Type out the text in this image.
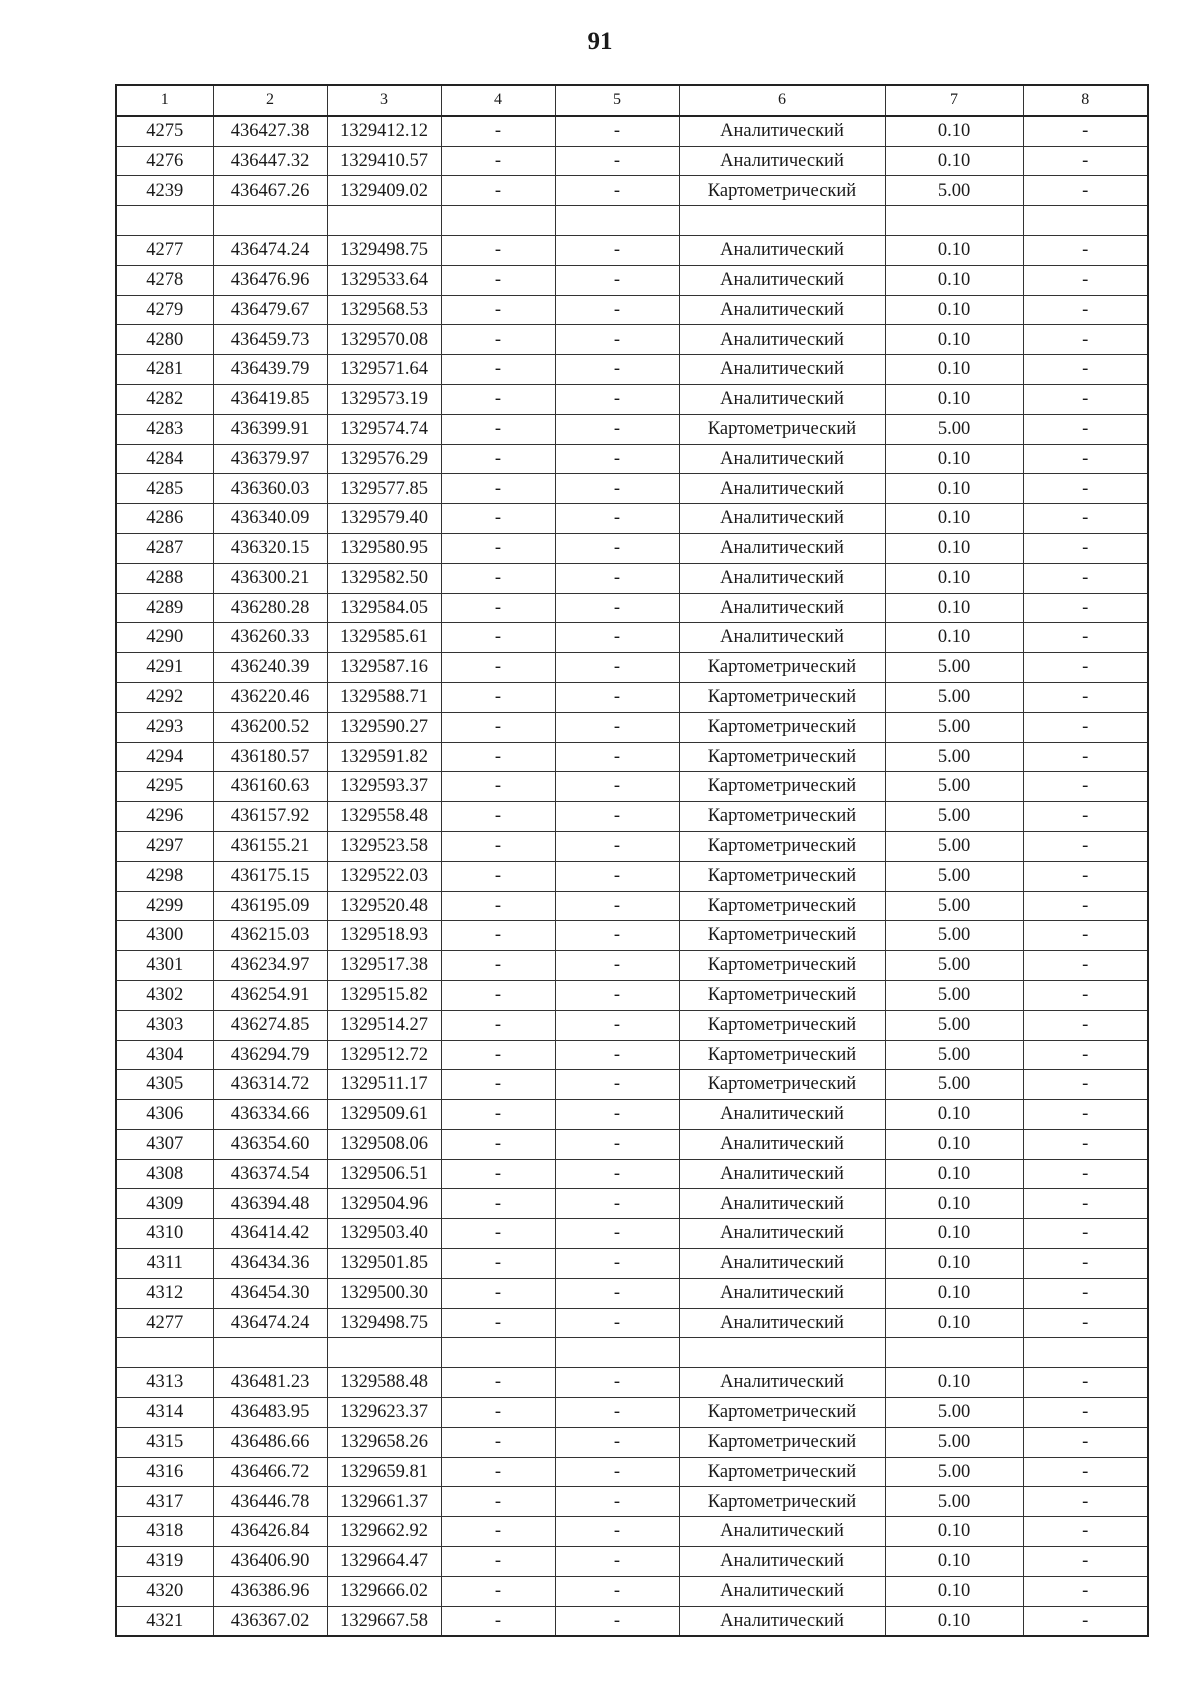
91
1	2	3	4	5	6	7	8
4275	436427.38	1329412.12	-	-	Аналитический	0.10	-
4276	436447.32	1329410.57	-	-	Аналитический	0.10	-
4239	436467.26	1329409.02	-	-	Картометрический	5.00	-

4277	436474.24	1329498.75	-	-	Аналитический	0.10	-
4278	436476.96	1329533.64	-	-	Аналитический	0.10	-
4279	436479.67	1329568.53	-	-	Аналитический	0.10	-
4280	436459.73	1329570.08	-	-	Аналитический	0.10	-
4281	436439.79	1329571.64	-	-	Аналитический	0.10	-
4282	436419.85	1329573.19	-	-	Аналитический	0.10	-
4283	436399.91	1329574.74	-	-	Картометрический	5.00	-
4284	436379.97	1329576.29	-	-	Аналитический	0.10	-
4285	436360.03	1329577.85	-	-	Аналитический	0.10	-
4286	436340.09	1329579.40	-	-	Аналитический	0.10	-
4287	436320.15	1329580.95	-	-	Аналитический	0.10	-
4288	436300.21	1329582.50	-	-	Аналитический	0.10	-
4289	436280.28	1329584.05	-	-	Аналитический	0.10	-
4290	436260.33	1329585.61	-	-	Аналитический	0.10	-
4291	436240.39	1329587.16	-	-	Картометрический	5.00	-
4292	436220.46	1329588.71	-	-	Картометрический	5.00	-
4293	436200.52	1329590.27	-	-	Картометрический	5.00	-
4294	436180.57	1329591.82	-	-	Картометрический	5.00	-
4295	436160.63	1329593.37	-	-	Картометрический	5.00	-
4296	436157.92	1329558.48	-	-	Картометрический	5.00	-
4297	436155.21	1329523.58	-	-	Картометрический	5.00	-
4298	436175.15	1329522.03	-	-	Картометрический	5.00	-
4299	436195.09	1329520.48	-	-	Картометрический	5.00	-
4300	436215.03	1329518.93	-	-	Картометрический	5.00	-
4301	436234.97	1329517.38	-	-	Картометрический	5.00	-
4302	436254.91	1329515.82	-	-	Картометрический	5.00	-
4303	436274.85	1329514.27	-	-	Картометрический	5.00	-
4304	436294.79	1329512.72	-	-	Картометрический	5.00	-
4305	436314.72	1329511.17	-	-	Картометрический	5.00	-
4306	436334.66	1329509.61	-	-	Аналитический	0.10	-
4307	436354.60	1329508.06	-	-	Аналитический	0.10	-
4308	436374.54	1329506.51	-	-	Аналитический	0.10	-
4309	436394.48	1329504.96	-	-	Аналитический	0.10	-
4310	436414.42	1329503.40	-	-	Аналитический	0.10	-
4311	436434.36	1329501.85	-	-	Аналитический	0.10	-
4312	436454.30	1329500.30	-	-	Аналитический	0.10	-
4277	436474.24	1329498.75	-	-	Аналитический	0.10	-

4313	436481.23	1329588.48	-	-	Аналитический	0.10	-
4314	436483.95	1329623.37	-	-	Картометрический	5.00	-
4315	436486.66	1329658.26	-	-	Картометрический	5.00	-
4316	436466.72	1329659.81	-	-	Картометрический	5.00	-
4317	436446.78	1329661.37	-	-	Картометрический	5.00	-
4318	436426.84	1329662.92	-	-	Аналитический	0.10	-
4319	436406.90	1329664.47	-	-	Аналитический	0.10	-
4320	436386.96	1329666.02	-	-	Аналитический	0.10	-
4321	436367.02	1329667.58	-	-	Аналитический	0.10	-
